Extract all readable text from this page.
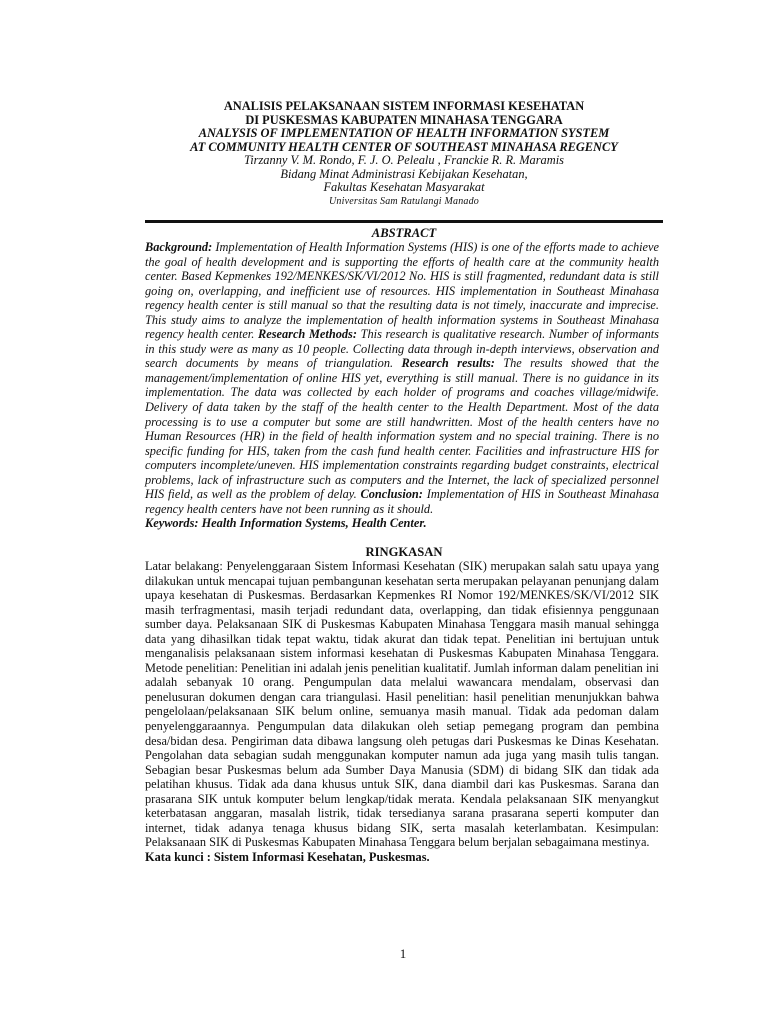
ANALISIS PELAKSANAAN SISTEM INFORMASI KESEHATAN
DI PUSKESMAS KABUPATEN MINAHASA TENGGARA
ANALYSIS OF IMPLEMENTATION OF HEALTH INFORMATION SYSTEM
AT COMMUNITY HEALTH CENTER OF SOUTHEAST MINAHASA REGENCY
Tirzanny V. M. Rondo, F. J. O. Pelealu , Franckie R. R. Maramis
Bidang Minat Administrasi Kebijakan Kesehatan,
Fakultas Kesehatan Masyarakat
Universitas Sam Ratulangi Manado
ABSTRACT
Background: Implementation of Health Information Systems (HIS) is one of the efforts made to achieve the goal of health development and is supporting the efforts of health care at the community health center. Based Kepmenkes 192/MENKES/SK/VI/2012 No. HIS is still fragmented, redundant data is still going on, overlapping, and inefficient use of resources. HIS implementation in Southeast Minahasa regency health center is still manual so that the resulting data is not timely, inaccurate and imprecise. This study aims to analyze the implementation of health information systems in Southeast Minahasa regency health center. Research Methods: This research is qualitative research. Number of informants in this study were as many as 10 people. Collecting data through in-depth interviews, observation and search documents by means of triangulation. Research results: The results showed that the management/implementation of online HIS yet, everything is still manual. There is no guidance in its implementation. The data was collected by each holder of programs and coaches village/midwife. Delivery of data taken by the staff of the health center to the Health Department. Most of the data processing is to use a computer but some are still handwritten. Most of the health centers have no Human Resources (HR) in the field of health information system and no special training. There is no specific funding for HIS, taken from the cash fund health center. Facilities and infrastructure HIS for computers incomplete/uneven. HIS implementation constraints regarding budget constraints, electrical problems, lack of infrastructure such as computers and the Internet, the lack of specialized personnel HIS field, as well as the problem of delay. Conclusion: Implementation of HIS in Southeast Minahasa regency health centers have not been running as it should.
Keywords: Health Information Systems, Health Center.
RINGKASAN
Latar belakang: Penyelenggaraan Sistem Informasi Kesehatan (SIK) merupakan salah satu upaya yang dilakukan untuk mencapai tujuan pembangunan kesehatan serta merupakan pelayanan penunjang dalam upaya kesehatan di Puskesmas. Berdasarkan Kepmenkes RI Nomor 192/MENKES/SK/VI/2012 SIK masih terfragmentasi, masih terjadi redundant data, overlapping, dan tidak efisiennya penggunaan sumber daya. Pelaksanaan SIK di Puskesmas Kabupaten Minahasa Tenggara masih manual sehingga data yang dihasilkan tidak tepat waktu, tidak akurat dan tidak tepat. Penelitian ini bertujuan untuk menganalisis pelaksanaan sistem informasi kesehatan di Puskesmas Kabupaten Minahasa Tenggara. Metode penelitian: Penelitian ini adalah jenis penelitian kualitatif. Jumlah informan dalam penelitian ini adalah sebanyak 10 orang. Pengumpulan data melalui wawancara mendalam, observasi dan penelusuran dokumen dengan cara triangulasi. Hasil penelitian: hasil penelitian menunjukkan bahwa pengelolaan/pelaksanaan SIK belum online, semuanya masih manual. Tidak ada pedoman dalam penyelenggaraannya. Pengumpulan data dilakukan oleh setiap pemegang program dan pembina desa/bidan desa. Pengiriman data dibawa langsung oleh petugas dari Puskesmas ke Dinas Kesehatan. Pengolahan data sebagian sudah menggunakan komputer namun ada juga yang masih tulis tangan. Sebagian besar Puskesmas belum ada Sumber Daya Manusia (SDM) di bidang SIK dan tidak ada pelatihan khusus. Tidak ada dana khusus untuk SIK, dana diambil dari kas Puskesmas. Sarana dan prasarana SIK untuk komputer belum lengkap/tidak merata. Kendala pelaksanaan SIK menyangkut keterbatasan anggaran, masalah listrik, tidak tersedianya sarana prasarana seperti komputer dan internet, tidak adanya tenaga khusus bidang SIK, serta masalah keterlambatan. Kesimpulan: Pelaksanaan SIK di Puskesmas Kabupaten Minahasa Tenggara belum berjalan sebagaimana mestinya.
Kata kunci : Sistem Informasi Kesehatan, Puskesmas.
1
